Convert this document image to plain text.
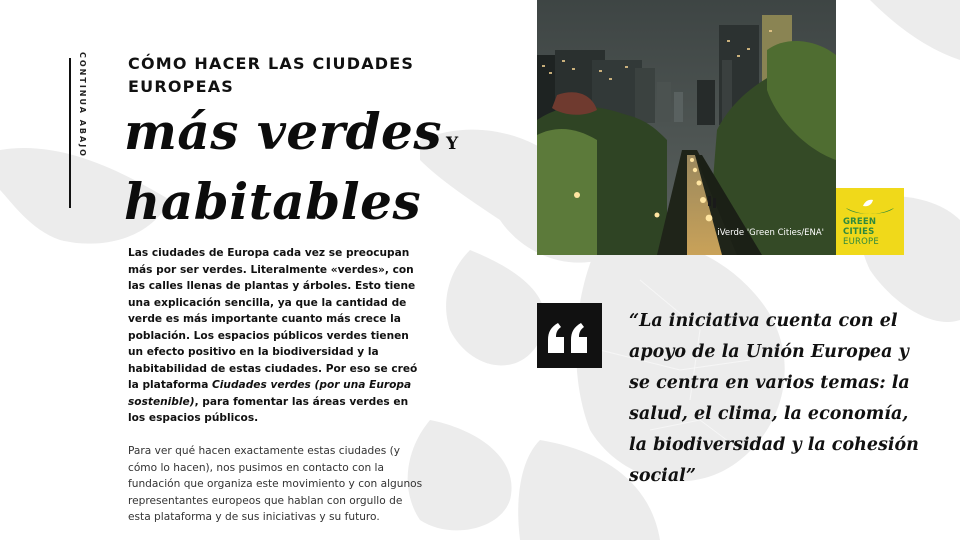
CONTINUA ABAJO	CÓMO HACER LAS CIUDADES EUROPEAS
más verdes Y
habitables

Las ciudades de Europa cada vez se preocupan más por ser verdes. Literalmente «verdes», con las calles llenas de plantas y árboles. Esto tiene una explicación sencilla, ya que la cantidad de verde es más importante cuanto más crece la población. Los espacios públicos verdes tienen un efecto positivo en la biodiversidad y la habitabilidad de estas ciudades. Por eso se creó la plataforma Ciudades verdes (por una Europa sostenible), para fomentar las áreas verdes en los espacios públicos.

Para ver qué hacen exactamente estas ciudades (y cómo lo hacen), nos pusimos en contacto con la fundación que organiza este movimiento y con algunos representantes europeos que hablan con orgullo de esta plataforma y de sus iniciativas y su futuro.

iVerde 'Green Cities/ENA'
GREEN
CITIES
EUROPE

“La iniciativa cuenta con el apoyo de la Unión Europea y se centra en varios temas: la salud, el clima, la economía, la biodiversidad y la cohesión social”
